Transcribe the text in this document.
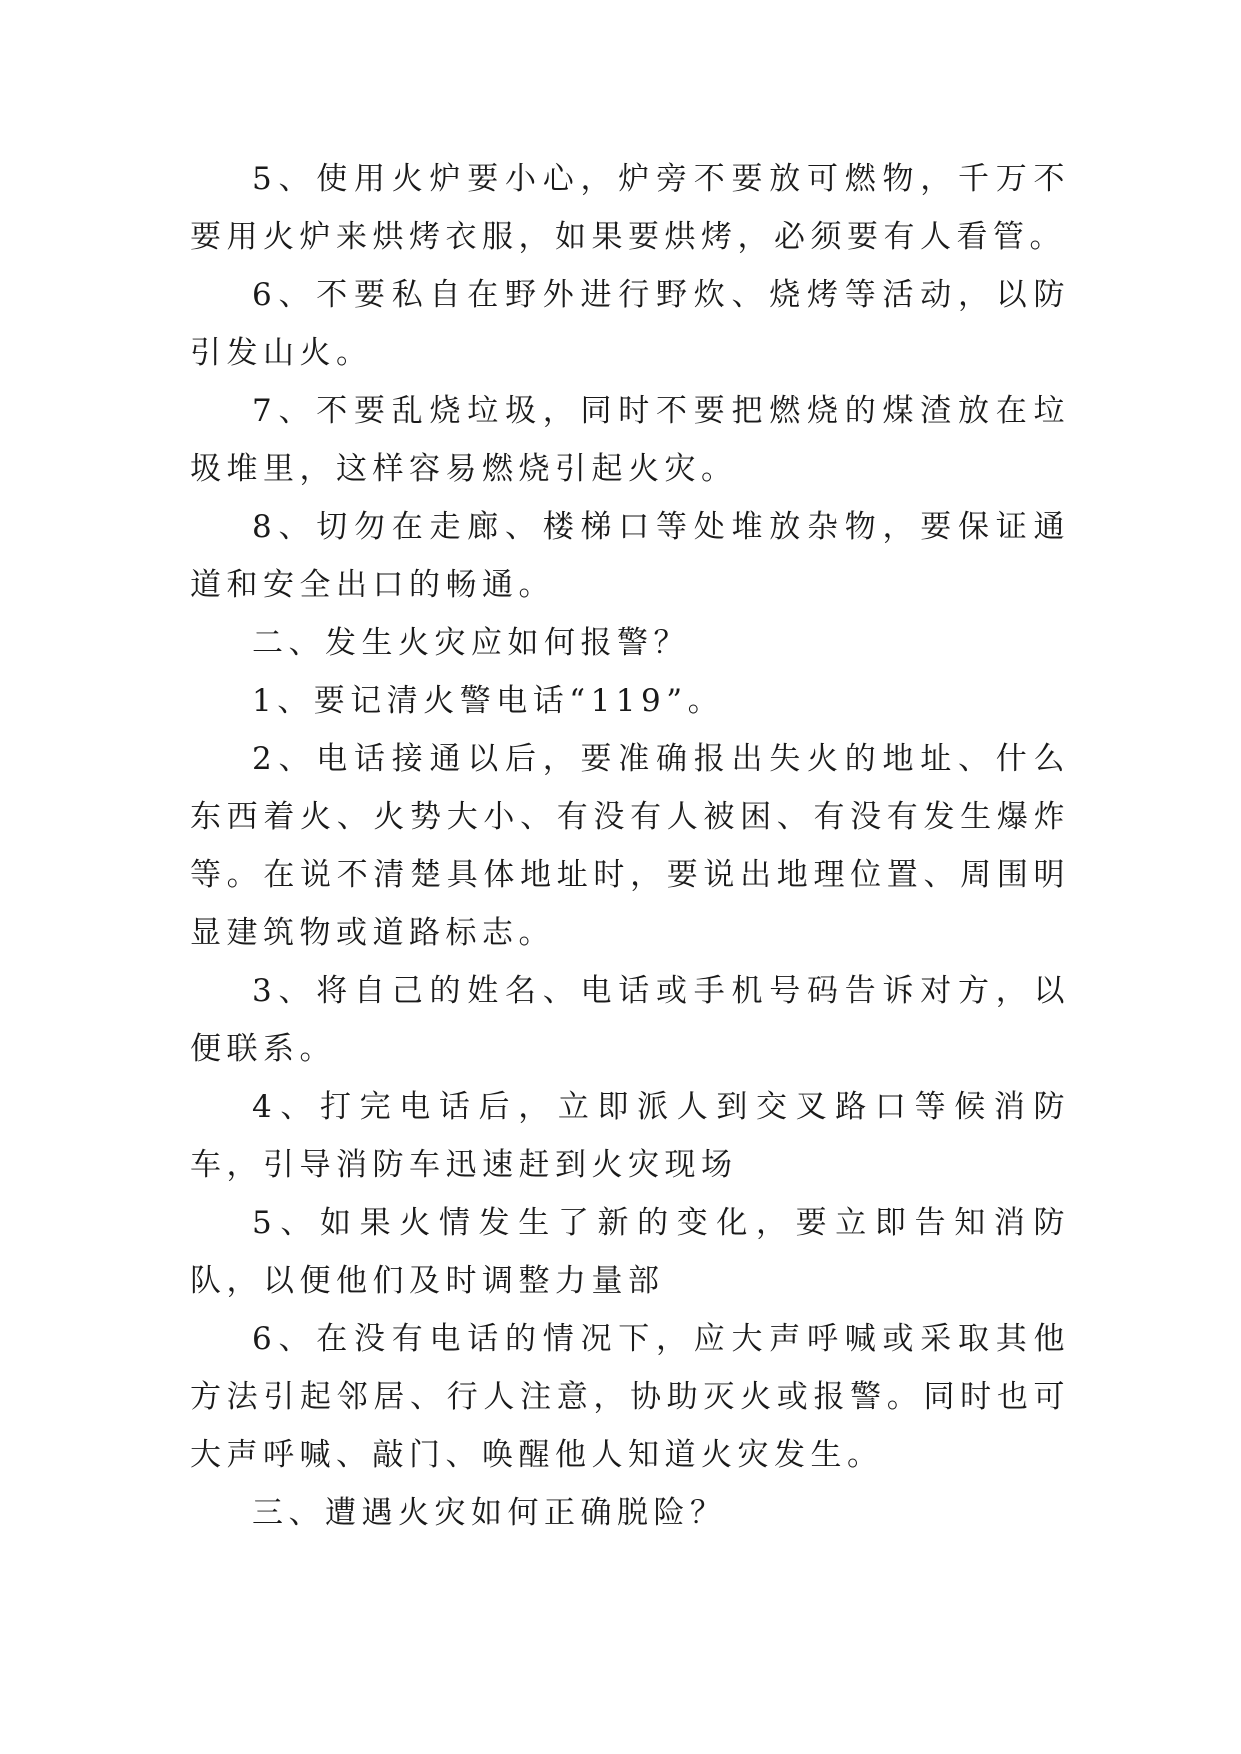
5、使用火炉要小心，炉旁不要放可燃物，千万不要用火炉来烘烤衣服，如果要烘烤，必须要有人看管。

6、不要私自在野外进行野炊、烧烤等活动，以防引发山火。

7、不要乱烧垃圾，同时不要把燃烧的煤渣放在垃圾堆里，这样容易燃烧引起火灾。

8、切勿在走廊、楼梯口等处堆放杂物，要保证通道和安全出口的畅通。

二、发生火灾应如何报警？

1、要记清火警电话“119”。

2、电话接通以后，要准确报出失火的地址、什么东西着火、火势大小、有没有人被困、有没有发生爆炸等。在说不清楚具体地址时，要说出地理位置、周围明显建筑物或道路标志。

3、将自己的姓名、电话或手机号码告诉对方，以便联系。

4、打完电话后，立即派人到交叉路口等候消防车，引导消防车迅速赶到火灾现场

5、如果火情发生了新的变化，要立即告知消防队，以便他们及时调整力量部

6、在没有电话的情况下，应大声呼喊或采取其他方法引起邻居、行人注意，协助灭火或报警。同时也可大声呼喊、敲门、唤醒他人知道火灾发生。

三、遭遇火灾如何正确脱险？
